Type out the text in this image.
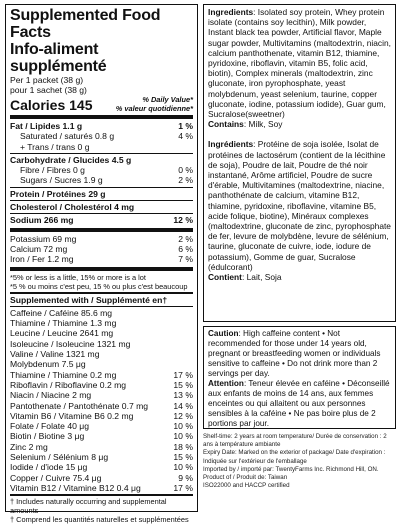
Supplemented Food Facts
Info-aliment supplémenté
Per 1 packet (38 g)
pour 1 sachet (38 g)
Calories 145	% Daily Value*
% valeur quotidienne*
Fat / Lipides 1.1 g	1 %
Saturated / saturés 0.8 g	4 %
+ Trans / trans 0 g
Carbohydrate / Glucides 4.5 g
Fibre / Fibres 0 g	0 %
Sugars / Sucres 1.9 g	2 %
Protein / Protéines 29 g
Cholesterol / Cholestérol 4 mg
Sodium 266 mg	12 %
Potassium 69 mg	2 %
Calcium 72 mg	6 %
Iron / Fer 1.2 mg	7 %
*5% or less is a little, 15% or more is a lot
*5 % ou moins c'est peu, 15 % ou plus c'est beaucoup
Supplemented with / Supplémenté en†
Caffeine / Caféine 85.6 mg
Thiamine / Thiamine 1.3 mg
Leucine / Leucine 2641 mg
Isoleucine / Isoleucine 1321 mg
Valine / Valine 1321 mg
Molybdenum 7.5 μg
Thiamine / Thiamine 0.2 mg	17 %
Riboflavin / Riboflavine 0.2 mg	15 %
Niacin / Niacine 2 mg	13 %
Pantothenate / Pantothénate 0.7 mg	14 %
Vitamin B6 / Vitamine B6 0.2 mg	12 %
Folate / Folate 40 μg	10 %
Biotin / Biotine 3 μg	10 %
Zinc 2 mg	18 %
Selenium / Sélénium 8 μg	15 %
Iodide / d'iode 15 μg	10 %
Copper / Cuivre 75.4 μg	9 %
Vitamin B12 / Vitamine B12 0.4 μg	17 %
† Includes naturally occurring and supplemental amounts
† Comprend les quantités naturelles et supplémentées
Ingredients: Isolated soy protein, Whey protein isolate (contains soy lecithin), Milk powder, Instant black tea powder, Artificial flavor, Maple sugar powder, Multivitamins (maltodextrin, niacin, calcium panthothenate, vitamin B12, thiamine, pyridoxine, riboflavin, vitamin B5, folic acid, biotin), Complex minerals (maltodextrin, zinc gluconate, iron pyrophosphate, yeast molybdenum, yeast selenium, taurine, copper gluconate, iodine, potassium iodide), Guar gum, Sucralose(sweetner)
Contains: Milk, Soy
Ingrédients: Protéine de soja isolée, Isolat de protéines de lactosérum (contient de la lécithine de soja), Poudre de lait, Poudre de thé noir instantané, Arôme artificiel, Poudre de sucre d'érable, Multivitamines (maltodextrine, niacine, panthothénate de calcium, vitamine B12, thiamine, pyridoxine, riboflavine, vitamine B5, acide folique, biotine), Minéraux complexes (maltodextrine, gluconate de zinc, pyrophosphate de fer, levure de molybdène, levure de sélénium, taurine, gluconate de cuivre, iode, iodure de potassium), Gomme de guar, Sucralose (édulcorant)
Contient: Lait, Soja
Caution: High caffeine content • Not recommended for those under 14 years old, pregnant or breastfeeding women or individuals sensitive to caffeine • Do not drink more than 2 servings per day.
Attention: Teneur élevée en caféine • Déconseillé aux enfants de moins de 14 ans, aux femmes enceintes ou qui allaitent ou aux personnes sensibles à la caféine • Ne pas boire plus de 2 portions par jour.
Shelf-time: 2 years at room temperature/ Durée de conservation : 2 ans à température ambiante
Expiry Date: Marked on the exterior of package/ Date d'expiration : Indiquée sur l'extérieur de l'emballage
Imported by / importé par: TwentyFarms Inc. Richmond Hill, ON.
Product of / Produit de: Taiwan
ISO22000 and HACCP certified
